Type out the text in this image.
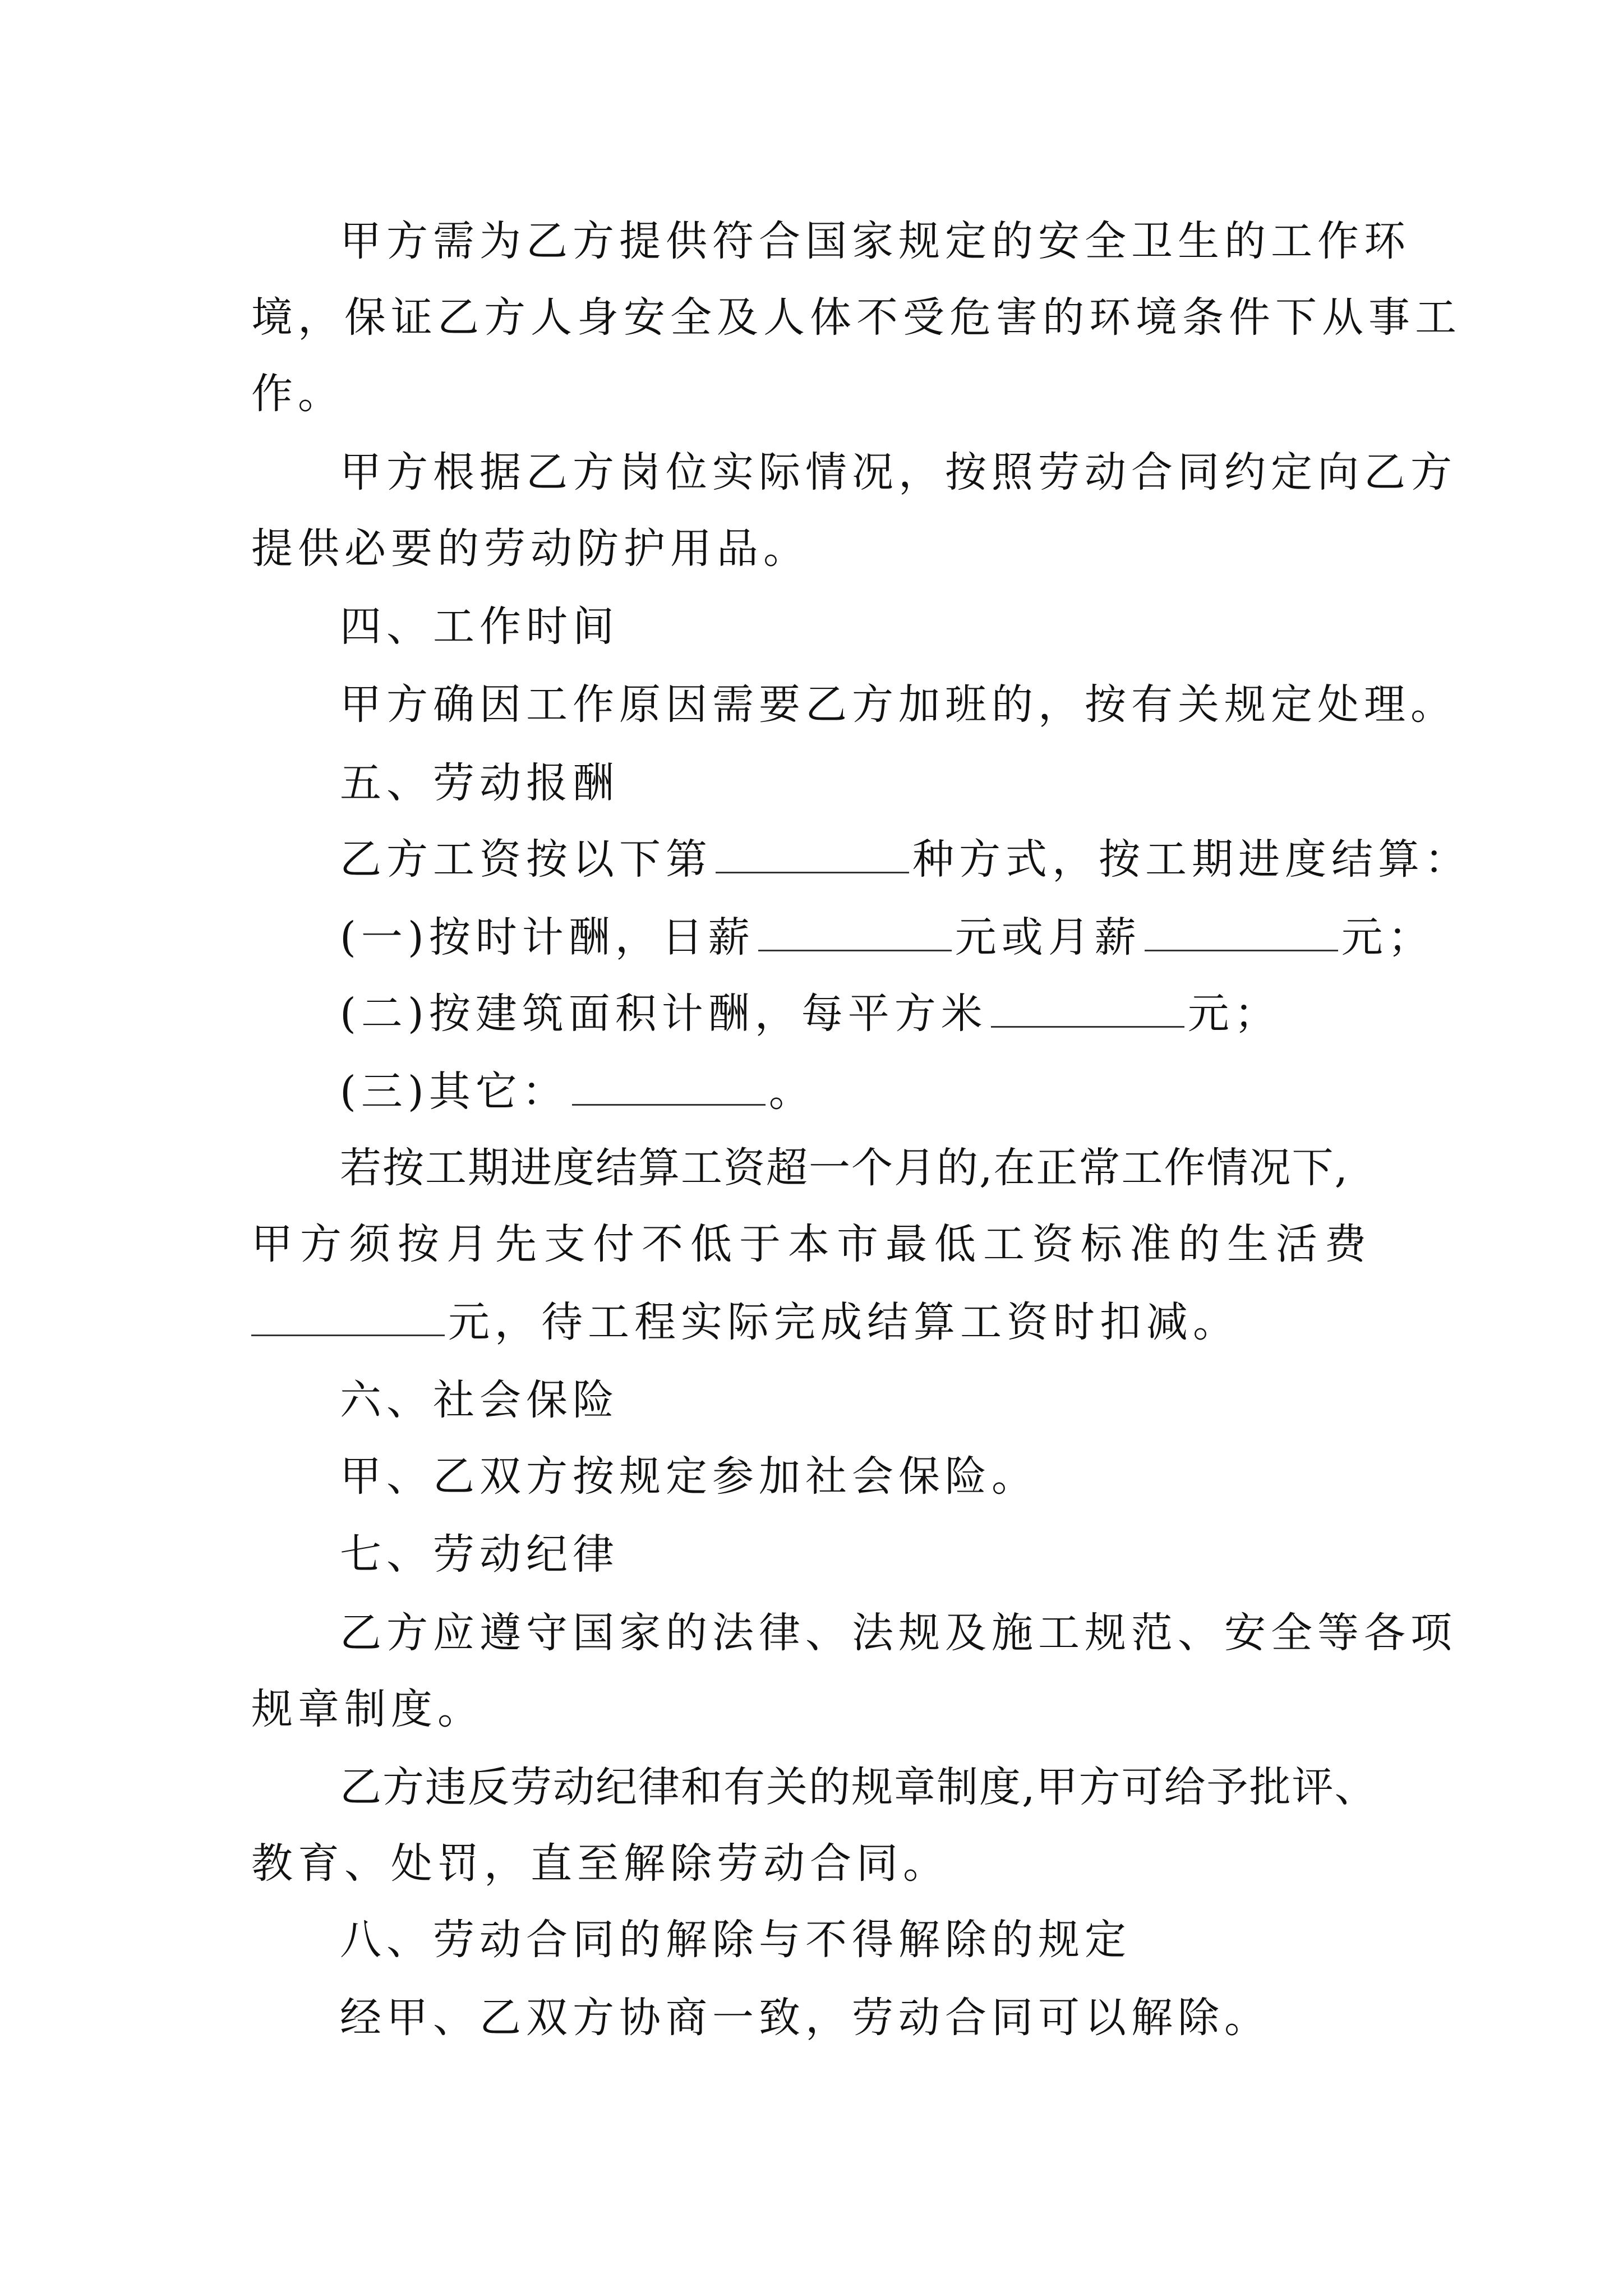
甲方需为乙方提供符合国家规定的安全卫生的工作环
境，保证乙方人身安全及人体不受危害的环境条件下从事工
作。
甲方根据乙方岗位实际情况，按照劳动合同约定向乙方
提供必要的劳动防护用品。
四、工作时间
甲方确因工作原因需要乙方加班的，按有关规定处理。
五、劳动报酬
乙方工资按以下第	种方式，按工期进度结算：
(一)按时计酬，日薪	元或月薪	元；
(二)按建筑面积计酬，每平方米	元；
(三)其它：	。
若按工期进度结算工资超一个月的,在正常工作情况下,
甲方须按月先支付不低于本市最低工资标准的生活费
元，待工程实际完成结算工资时扣减。
六、社会保险
甲、乙双方按规定参加社会保险。
七、劳动纪律
乙方应遵守国家的法律、法规及施工规范、安全等各项
规章制度。
乙方违反劳动纪律和有关的规章制度,甲方可给予批评、
教育、处罚，直至解除劳动合同。
八、劳动合同的解除与不得解除的规定
经甲、乙双方协商一致，劳动合同可以解除。
